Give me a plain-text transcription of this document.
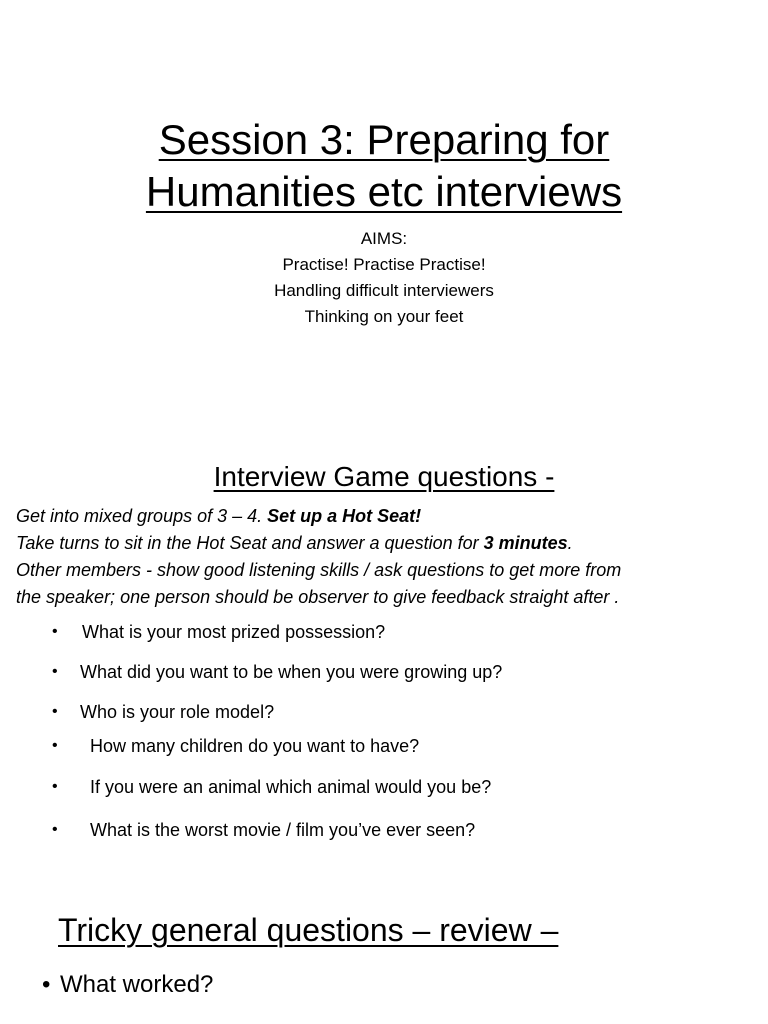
Session 3: Preparing for
Humanities etc interviews
AIMS:
Practise! Practise Practise!
Handling difficult interviewers
Thinking on your feet
Interview Game questions -
Get into mixed groups of 3 – 4. Set up a Hot Seat!
Take turns to sit in the Hot Seat and answer a question for 3 minutes.
Other members - show good listening skills / ask questions to get more from
the speaker; one person should be observer to give feedback straight after .
• What is your most prized possession?
• What did you want to be when you were growing up?
• Who is your role model?
• How many children do you want to have?
• If you were an animal which animal would you be?
• What is the worst movie / film you’ve ever seen?
Tricky general questions – review –
• What worked?
